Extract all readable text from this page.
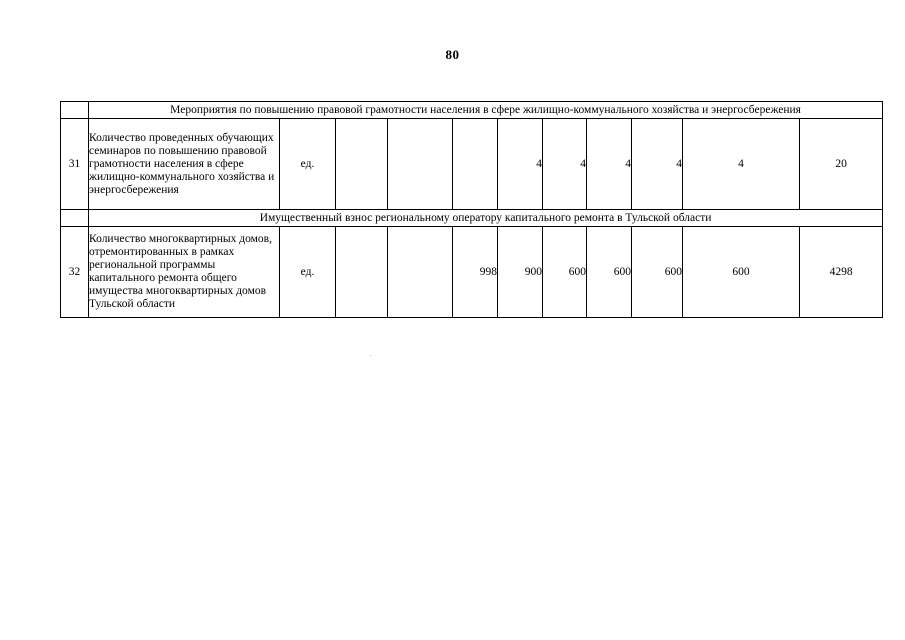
80
	Мероприятия по повышению правовой грамотности населения в сфере жилищно-коммунального хозяйства и энергосбережения										
31	Количество проведенных обучающих семинаров по повышению правовой грамотности населения в сфере жилищно-коммунального хозяйства и энергосбережения	ед.				4	4	4	4	4	20
	Имущественный взнос региональному оператору капитального ремонта в Тульской области										
32	Количество многоквартирных домов, отремонтированных в рамках региональной программы капитального ремонта общего имущества многоквартирных домов Тульской области	ед.			998	900	600	600	600	600	4298
